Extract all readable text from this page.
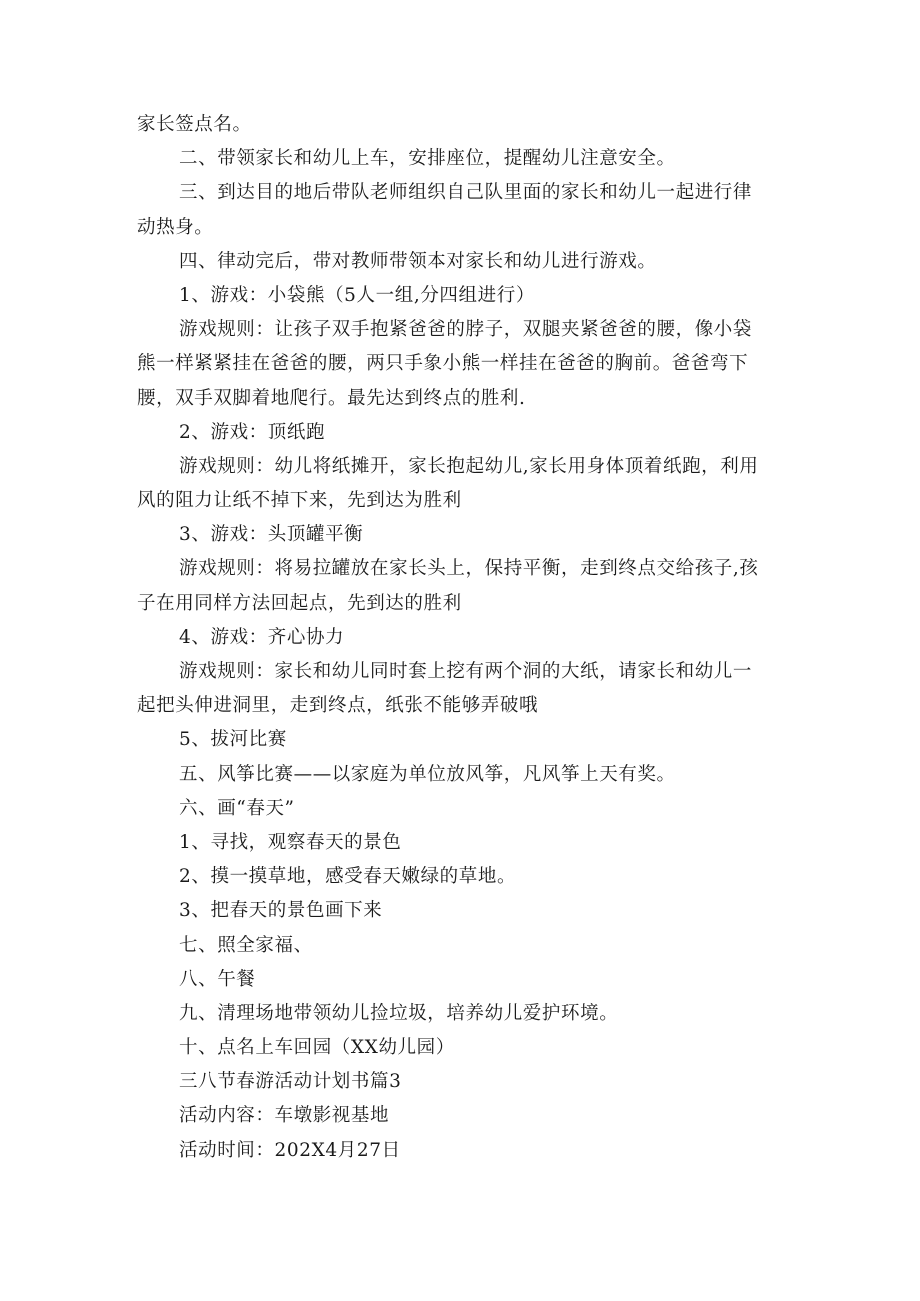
家长签点名。
二、带领家长和幼儿上车，安排座位，提醒幼儿注意安全。
三、到达目的地后带队老师组织自己队里面的家长和幼儿一起进行律
动热身。
四、律动完后，带对教师带领本对家长和幼儿进行游戏。
1、游戏：小袋熊（5人一组,分四组进行）
游戏规则：让孩子双手抱紧爸爸的脖子，双腿夹紧爸爸的腰，像小袋
熊一样紧紧挂在爸爸的腰，两只手象小熊一样挂在爸爸的胸前。爸爸弯下
腰，双手双脚着地爬行。最先达到终点的胜利.
2、游戏：顶纸跑
游戏规则：幼儿将纸摊开，家长抱起幼儿,家长用身体顶着纸跑，利用
风的阻力让纸不掉下来，先到达为胜利
3、游戏：头顶罐平衡
游戏规则：将易拉罐放在家长头上，保持平衡，走到终点交给孩子,孩
子在用同样方法回起点，先到达的胜利
4、游戏：齐心协力
游戏规则：家长和幼儿同时套上挖有两个洞的大纸，请家长和幼儿一
起把头伸进洞里，走到终点，纸张不能够弄破哦
5、拔河比赛
五、风筝比赛——以家庭为单位放风筝，凡风筝上天有奖。
六、画“春天”
1、寻找，观察春天的景色
2、摸一摸草地，感受春天嫩绿的草地。
3、把春天的景色画下来
七、照全家福、
八、午餐
九、清理场地带领幼儿捡垃圾，培养幼儿爱护环境。
十、点名上车回园（XX幼儿园）
三八节春游活动计划书篇3
活动内容：车墩影视基地
活动时间：202X4月27日
